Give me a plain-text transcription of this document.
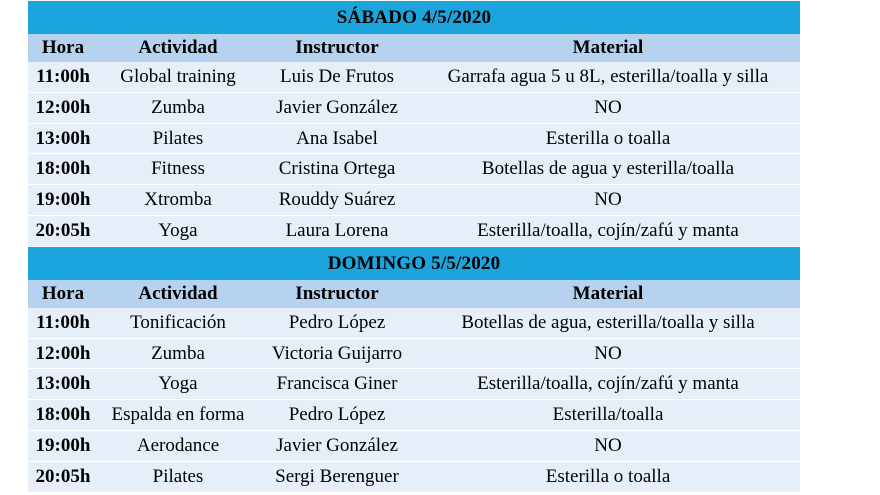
SÁBADO 4/5/2020
Hora	Actividad	Instructor	Material
11:00h	Global training	Luis De Frutos	Garrafa agua 5 u 8L, esterilla/toalla y silla
12:00h	Zumba	Javier González	NO
13:00h	Pilates	Ana Isabel	Esterilla o toalla
18:00h	Fitness	Cristina Ortega	Botellas de agua y esterilla/toalla
19:00h	Xtromba	Rouddy Suárez	NO
20:05h	Yoga	Laura Lorena	Esterilla/toalla, cojín/zafú y manta
DOMINGO 5/5/2020
Hora	Actividad	Instructor	Material
11:00h	Tonificación	Pedro López	Botellas de agua, esterilla/toalla y silla
12:00h	Zumba	Victoria Guijarro	NO
13:00h	Yoga	Francisca Giner	Esterilla/toalla, cojín/zafú y manta
18:00h	Espalda en forma	Pedro López	Esterilla/toalla
19:00h	Aerodance	Javier González	NO
20:05h	Pilates	Sergi Berenguer	Esterilla o toalla
